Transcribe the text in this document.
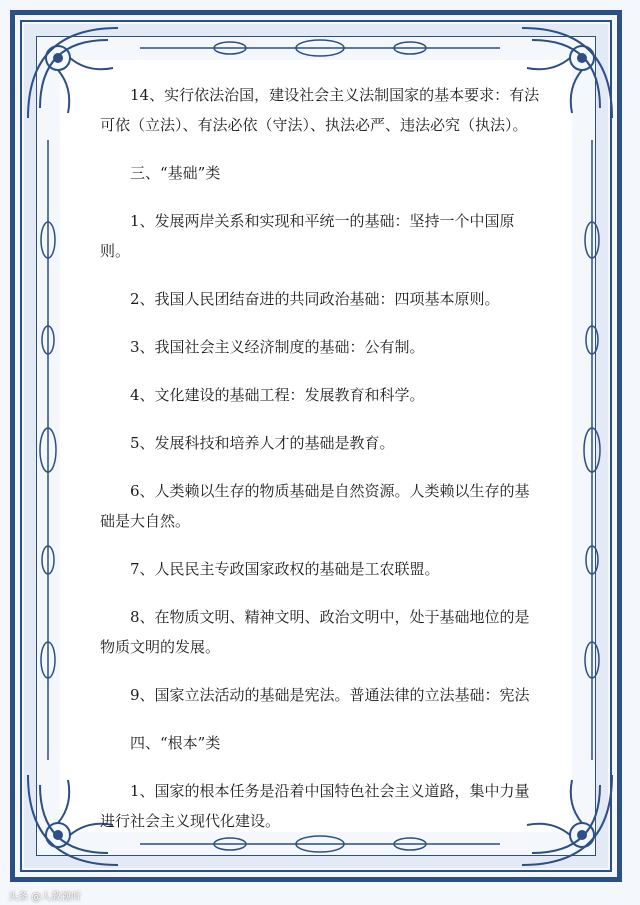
14、实行依法治国，建设社会主义法制国家的基本要求：有法可依（立法）、有法必依（守法）、执法必严、违法必究（执法）。

三、“基础”类

1、发展两岸关系和实现和平统一的基础：坚持一个中国原则。

2、我国人民团结奋进的共同政治基础：四项基本原则。

3、我国社会主义经济制度的基础：公有制。

4、文化建设的基础工程：发展教育和科学。

5、发展科技和培养人才的基础是教育。

6、人类赖以生存的物质基础是自然资源。人类赖以生存的基础是大自然。

7、人民民主专政国家政权的基础是工农联盟。

8、在物质文明、精神文明、政治文明中，处于基础地位的是物质文明的发展。

9、国家立法活动的基础是宪法。普通法律的立法基础：宪法

四、“根本”类

1、国家的根本任务是沿着中国特色社会主义道路，集中力量进行社会主义现代化建设。

头条 @人教视听
